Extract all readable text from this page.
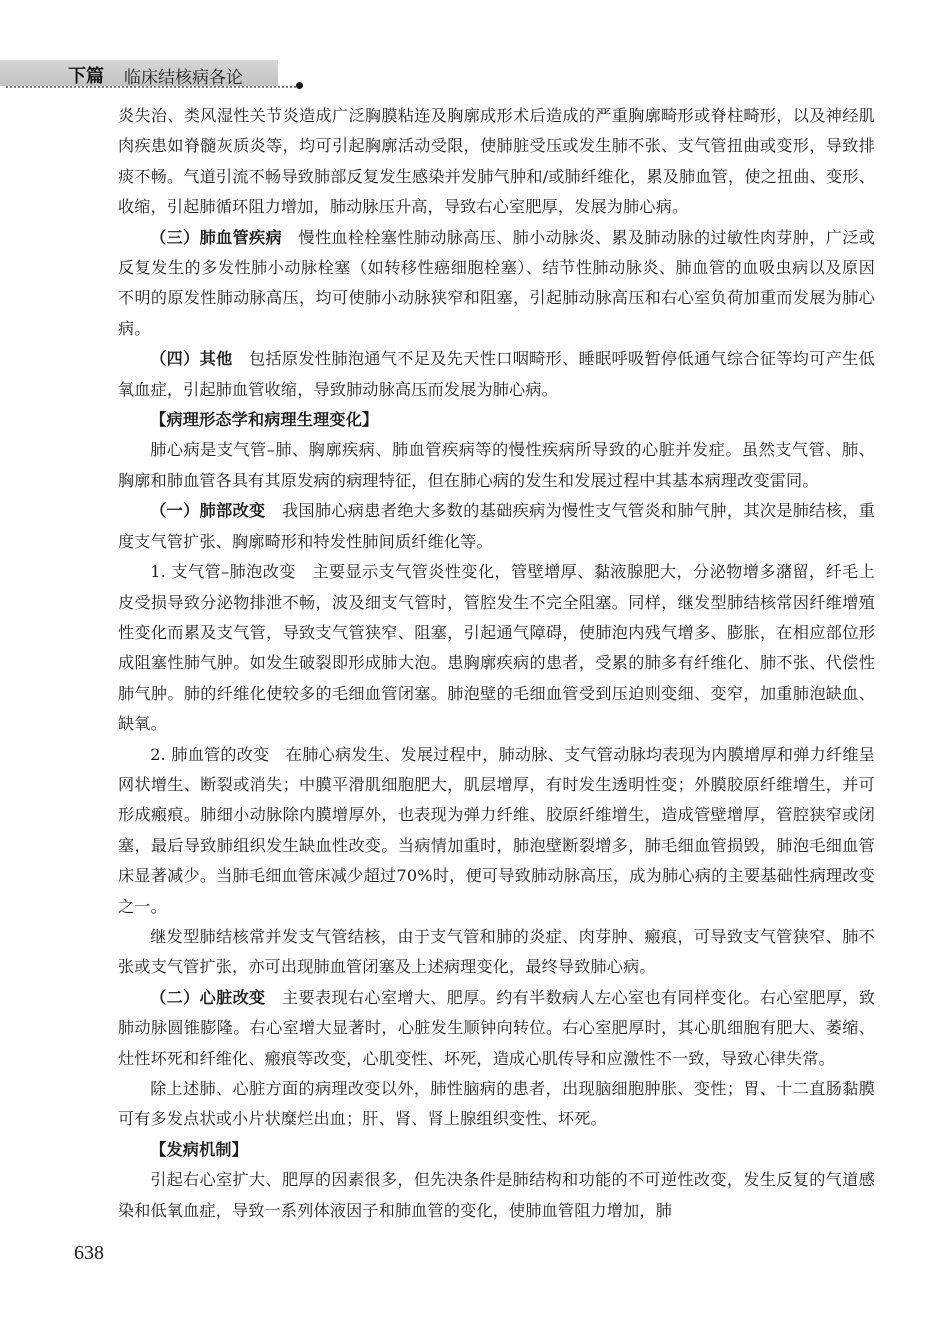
下篇 临床结核病各论

炎失治、类风湿性关节炎造成广泛胸膜粘连及胸廓成形术后造成的严重胸廓畸形或脊柱畸形，以及神经肌肉疾患如脊髓灰质炎等，均可引起胸廓活动受限，使肺脏受压或发生肺不张、支气管扭曲或变形，导致排痰不畅。气道引流不畅导致肺部反复发生感染并发肺气肿和/或肺纤维化，累及肺血管，使之扭曲、变形、收缩，引起肺循环阻力增加，肺动脉压升高，导致右心室肥厚，发展为肺心病。

（三）肺血管疾病　 慢性血栓栓塞性肺动脉高压、肺小动脉炎、累及肺动脉的过敏性肉芽肿，广泛或反复发生的多发性肺小动脉栓塞（如转移性癌细胞栓塞）、结节性肺动脉炎、肺血管的血吸虫病以及原因不明的原发性肺动脉高压，均可使肺小动脉狭窄和阻塞，引起肺动脉高压和右心室负荷加重而发展为肺心病。

（四）其他　 包括原发性肺泡通气不足及先天性口咽畸形、睡眠呼吸暂停低通气综合征等均可产生低氧血症，引起肺血管收缩，导致肺动脉高压而发展为肺心病。

【病理形态学和病理生理变化】

肺心病是支气管–肺、胸廓疾病、肺血管疾病等的慢性疾病所导致的心脏并发症。虽然支气管、肺、胸廓和肺血管各具有其原发病的病理特征，但在肺心病的发生和发展过程中其基本病理改变雷同。

（一）肺部改变　 我国肺心病患者绝大多数的基础疾病为慢性支气管炎和肺气肿，其次是肺结核，重度支气管扩张、胸廓畸形和特发性肺间质纤维化等。

1. 支气管–肺泡改变　主要显示支气管炎性变化，管壁增厚、黏液腺肥大，分泌物增多潴留，纤毛上皮受损导致分泌物排泄不畅，波及细支气管时，管腔发生不完全阻塞。同样，继发型肺结核常因纤维增殖性变化而累及支气管，导致支气管狭窄、阻塞，引起通气障碍，使肺泡内残气增多、膨胀，在相应部位形成阻塞性肺气肿。如发生破裂即形成肺大泡。患胸廓疾病的患者，受累的肺多有纤维化、肺不张、代偿性肺气肿。肺的纤维化使较多的毛细血管闭塞。肺泡壁的毛细血管受到压迫则变细、变窄，加重肺泡缺血、缺氧。

2. 肺血管的改变　在肺心病发生、发展过程中，肺动脉、支气管动脉均表现为内膜增厚和弹力纤维呈网状增生、断裂或消失；中膜平滑肌细胞肥大，肌层增厚，有时发生透明性变；外膜胶原纤维增生，并可形成瘢痕。肺细小动脉除内膜增厚外，也表现为弹力纤维、胶原纤维增生，造成管壁增厚，管腔狭窄或闭塞，最后导致肺组织发生缺血性改变。当病情加重时，肺泡壁断裂增多，肺毛细血管损毁，肺泡毛细血管床显著减少。当肺毛细血管床减少超过70%时，便可导致肺动脉高压，成为肺心病的主要基础性病理改变之一。

继发型肺结核常并发支气管结核，由于支气管和肺的炎症、肉芽肿、瘢痕，可导致支气管狭窄、肺不张或支气管扩张，亦可出现肺血管闭塞及上述病理变化，最终导致肺心病。

（二）心脏改变　 主要表现右心室增大、肥厚。约有半数病人左心室也有同样变化。右心室肥厚，致肺动脉圆锥膨隆。右心室增大显著时，心脏发生顺钟向转位。右心室肥厚时，其心肌细胞有肥大、萎缩、灶性坏死和纤维化、瘢痕等改变，心肌变性、坏死，造成心肌传导和应激性不一致，导致心律失常。

除上述肺、心脏方面的病理改变以外，肺性脑病的患者，出现脑细胞肿胀、变性；胃、十二直肠黏膜可有多发点状或小片状糜烂出血；肝、肾、肾上腺组织变性、坏死。

【发病机制】

引起右心室扩大、肥厚的因素很多，但先决条件是肺结构和功能的不可逆性改变，发生反复的气道感染和低氧血症，导致一系列体液因子和肺血管的变化，使肺血管阻力增加，肺

638
